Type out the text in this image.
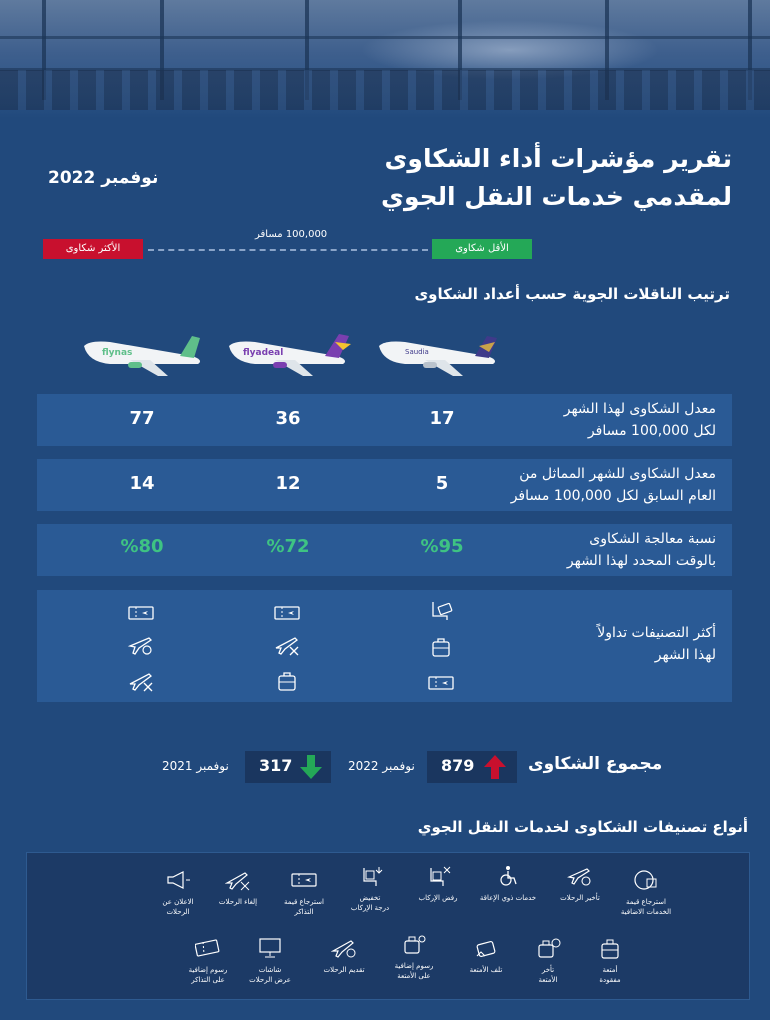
تقرير مؤشرات أداء الشكاوى
لمقدمي خدمات النقل الجوي
نوفمبر 2022
الأكثر شكاوى
100,000 مسافر
الأقل شكاوى
ترتيب الناقلات الجوية حسب أعداد الشكاوى
flynas	flyadeal	Saudia
معدل الشكاوى لهذا الشهر
لكل 100,000 مسافر
77	36	17
معدل الشكاوى للشهر المماثل من
العام السابق لكل 100,000 مسافر
14	12	5
نسبة معالجة الشكاوى
بالوقت المحدد لهذا الشهر
%80	%72	%95
أكثر التصنيفات تداولاً
لهذا الشهر
مجموع الشكاوى
879
نوفمبر 2022
317
نوفمبر 2021
أنواع تصنيفات الشكاوى لخدمات النقل الجوي
الاعلان عن
الرحلات
إلغاء الرحلات	استرجاع قيمة
التذاكر
تخفيض
درجة الإركاب
رفض الإركاب	خدمات ذوي الإعاقة	تأخير الرحلات	استرجاع قيمة
الخدمات الاضافية
رسوم إضافية
على التذاكر
شاشات
عرض الرحلات
تقديم الرحلات	رسوم إضافية
على الأمتعة
تلف الأمتعة	تأخر
الأمتعة
أمتعة
مفقودة
